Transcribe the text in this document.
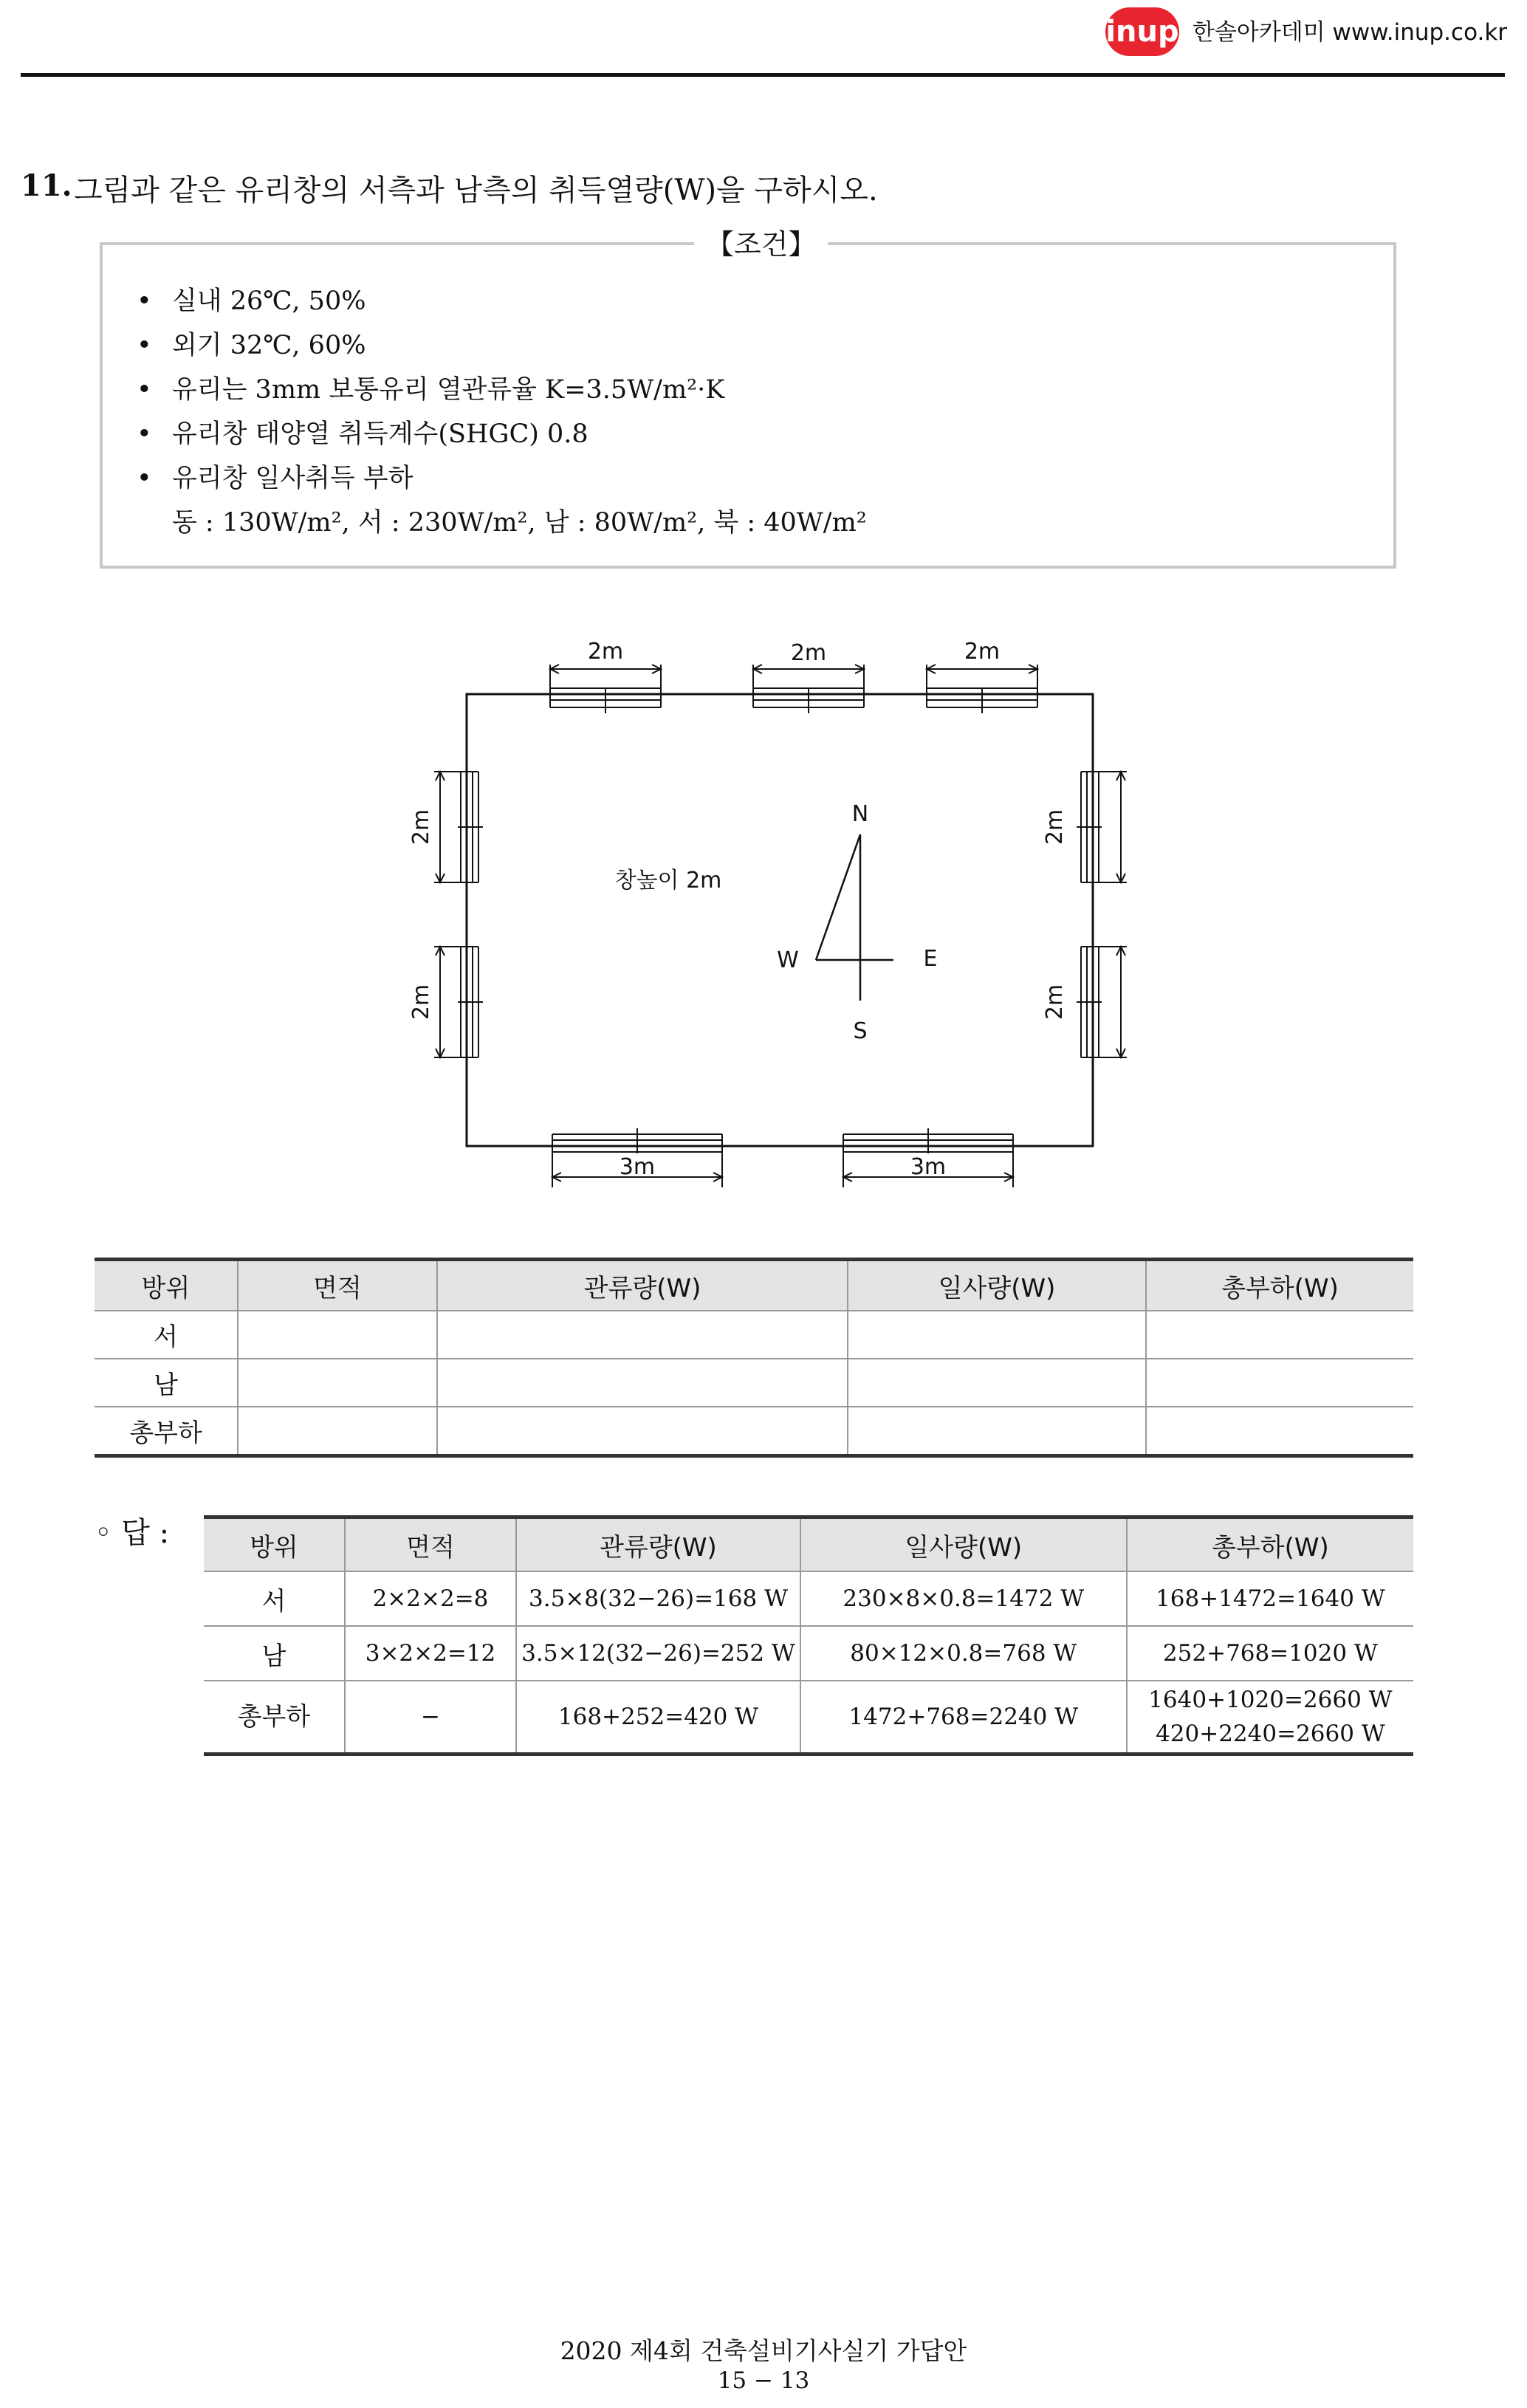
inup 한솔아카데미 www.inup.co.kr
11. 그림과 같은 유리창의 서측과 남측의 취득열량(W)을 구하시오.
【조건】
• 실내 26℃, 50%
• 외기 32℃, 60%
• 유리는 3mm 보통유리 열관류율 K=3.5W/m²·K
• 유리창 태양열 취득계수(SHGC) 0.8
• 유리창 일사취득 부하
동 : 130W/m², 서 : 230W/m², 남 : 80W/m², 북 : 40W/m²
2m	2m	2m
2m
2m
2m
2m
3m	3m
창높이 2m
N
W	E
S
방위	면적	관류량(W)	일사량(W)	총부하(W)
서				
남				
총부하				
◦ 답 :	방위	면적	관류량(W)	일사량(W)	총부하(W)
서	2×2×2=8	3.5×8(32−26)=168 W	230×8×0.8=1472 W	168+1472=1640 W
남	3×2×2=12	3.5×12(32−26)=252 W	80×12×0.8=768 W	252+768=1020 W
총부하	−	168+252=420 W	1472+768=2240 W	1640+1020=2660 W
420+2240=2660 W
2020 제4회 건축설비기사실기 가답안
15 − 13
